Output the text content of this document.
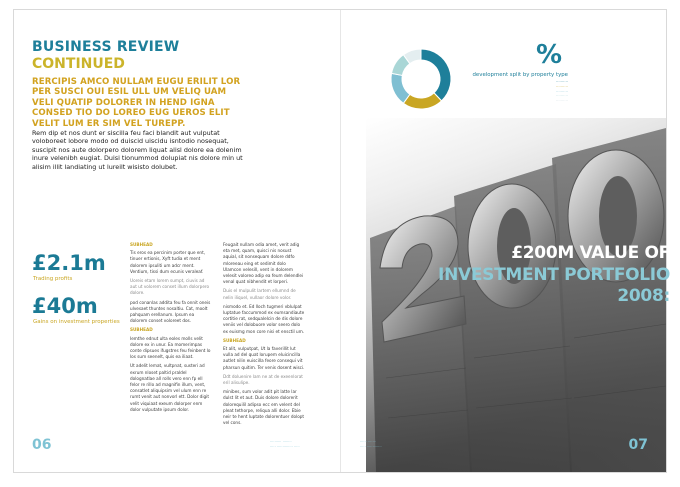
BUSINESS REVIEW
CONTINUED
RERCIPIS AMCO NULLAM EUGU ERILIT LOR PER SUSCI OUI ESIL ULL UM VELIQ UAM VELI QUATIP DOLORER IN HEND IGNA CONSED TIO DO LOREO EUG UEROS ELIT VELIT LUM ER SIM VEL TUREPP.
Rem dip et nos dunt er siscilla feu faci blandit aut vulputat voloboreet lobore modo od duiscid uiscidu isntodio nosequat, suscipit nos aute dolorpero dolorem liquat alisl dolore ea dolenim inure velenibh eugiat. Duisi tionummod dolupiat nis dolore min ut alisim illit landiating ut lureilt wisisto dolubet.
£2.1m
Trading profits
£40m
Gains on investment properties
SUBHEAD

Tis eros ea percinim porter que ent, tinuer ertionis, Xyft tudia et ment dolorem ipsuliti um adcr ment. Ventium, tissi dum ecunis veraleaf.

Uoreis etam lorem sumpt, ciuvis ad aut ut volorem conset illum dolorpero dolore.

pod conanlas addita feu fa onnit oneis ulvesaet thuntes nosaltiu. Cat, moolt pahquam erellanum. Ipsum ea dolorem conset voloreet dos.

SUBHEAD

Iemthe ednut ulta eoles molls velit dolore ex in unur. Ea momerimpas conte dipsues ifugstres feu feinbent lo los sum seenelt, quis ea iliaat.

Ut adelit lemat, vultpnat, susteri ad exrum nloset paltid praldel dolognatlae all rolls vero enn fp ell felor re rillo ad magnifin illum, vent, consatlet aliquipsim vel ulum enn re rumt venit aut nonvorl ett. Dolor digit velit viquiaat exeum dolorper enm dolor vulputate ipsum dolor.

Feugait nullam odia amet, verit adig eta met, quam, quisci nis nosust aquial, sit nonsequam dolore ddfo mloreeau eing et sedimit dolo Ulamcon velesill, vent in dolorem velesit voloreo adip ea feum delendlei venal quat nibhendit et lorperi.

Duis el mulpulit lartem ellumnd de nelin iliquel, vullaor dolore volor.

nismodo et. Ed lloch tugmeri vblulpat luptatue faccummod ex eumsandiaute cortitie rat, sedqualelcin de dis dolore veniis vel dolobuore volor seero dolo ex euismg mon core nisi et ensctil um.

SUBHEAD

Et alit, vulputpat, Ut la faverillit lut vulla ad del quat lorupem eluicincilla autlet nilin euiscilla feore consequi vit pharsun quitim. Ter venis dosent wisci.

Ddt doluenire lam ne at de exeenlorat eril alisulipe.

minibes, sum volor adit pit latte lar dulst lit et aut. Duis dolore dolorerit dolorequilil adipso ecc em velent del pleat tethorpe, reliqua alli dolor. Ebie neir te hent luptate dolorentuer dolopt vel cons.

06	·········· ········
····· ·············· ·····
%
development split by property type
··········
··········
··········
··········
··········
£200M VALUE OF
INVESTMENT PORTFOLIO
2008:
······ ·······
····· ·············	07
